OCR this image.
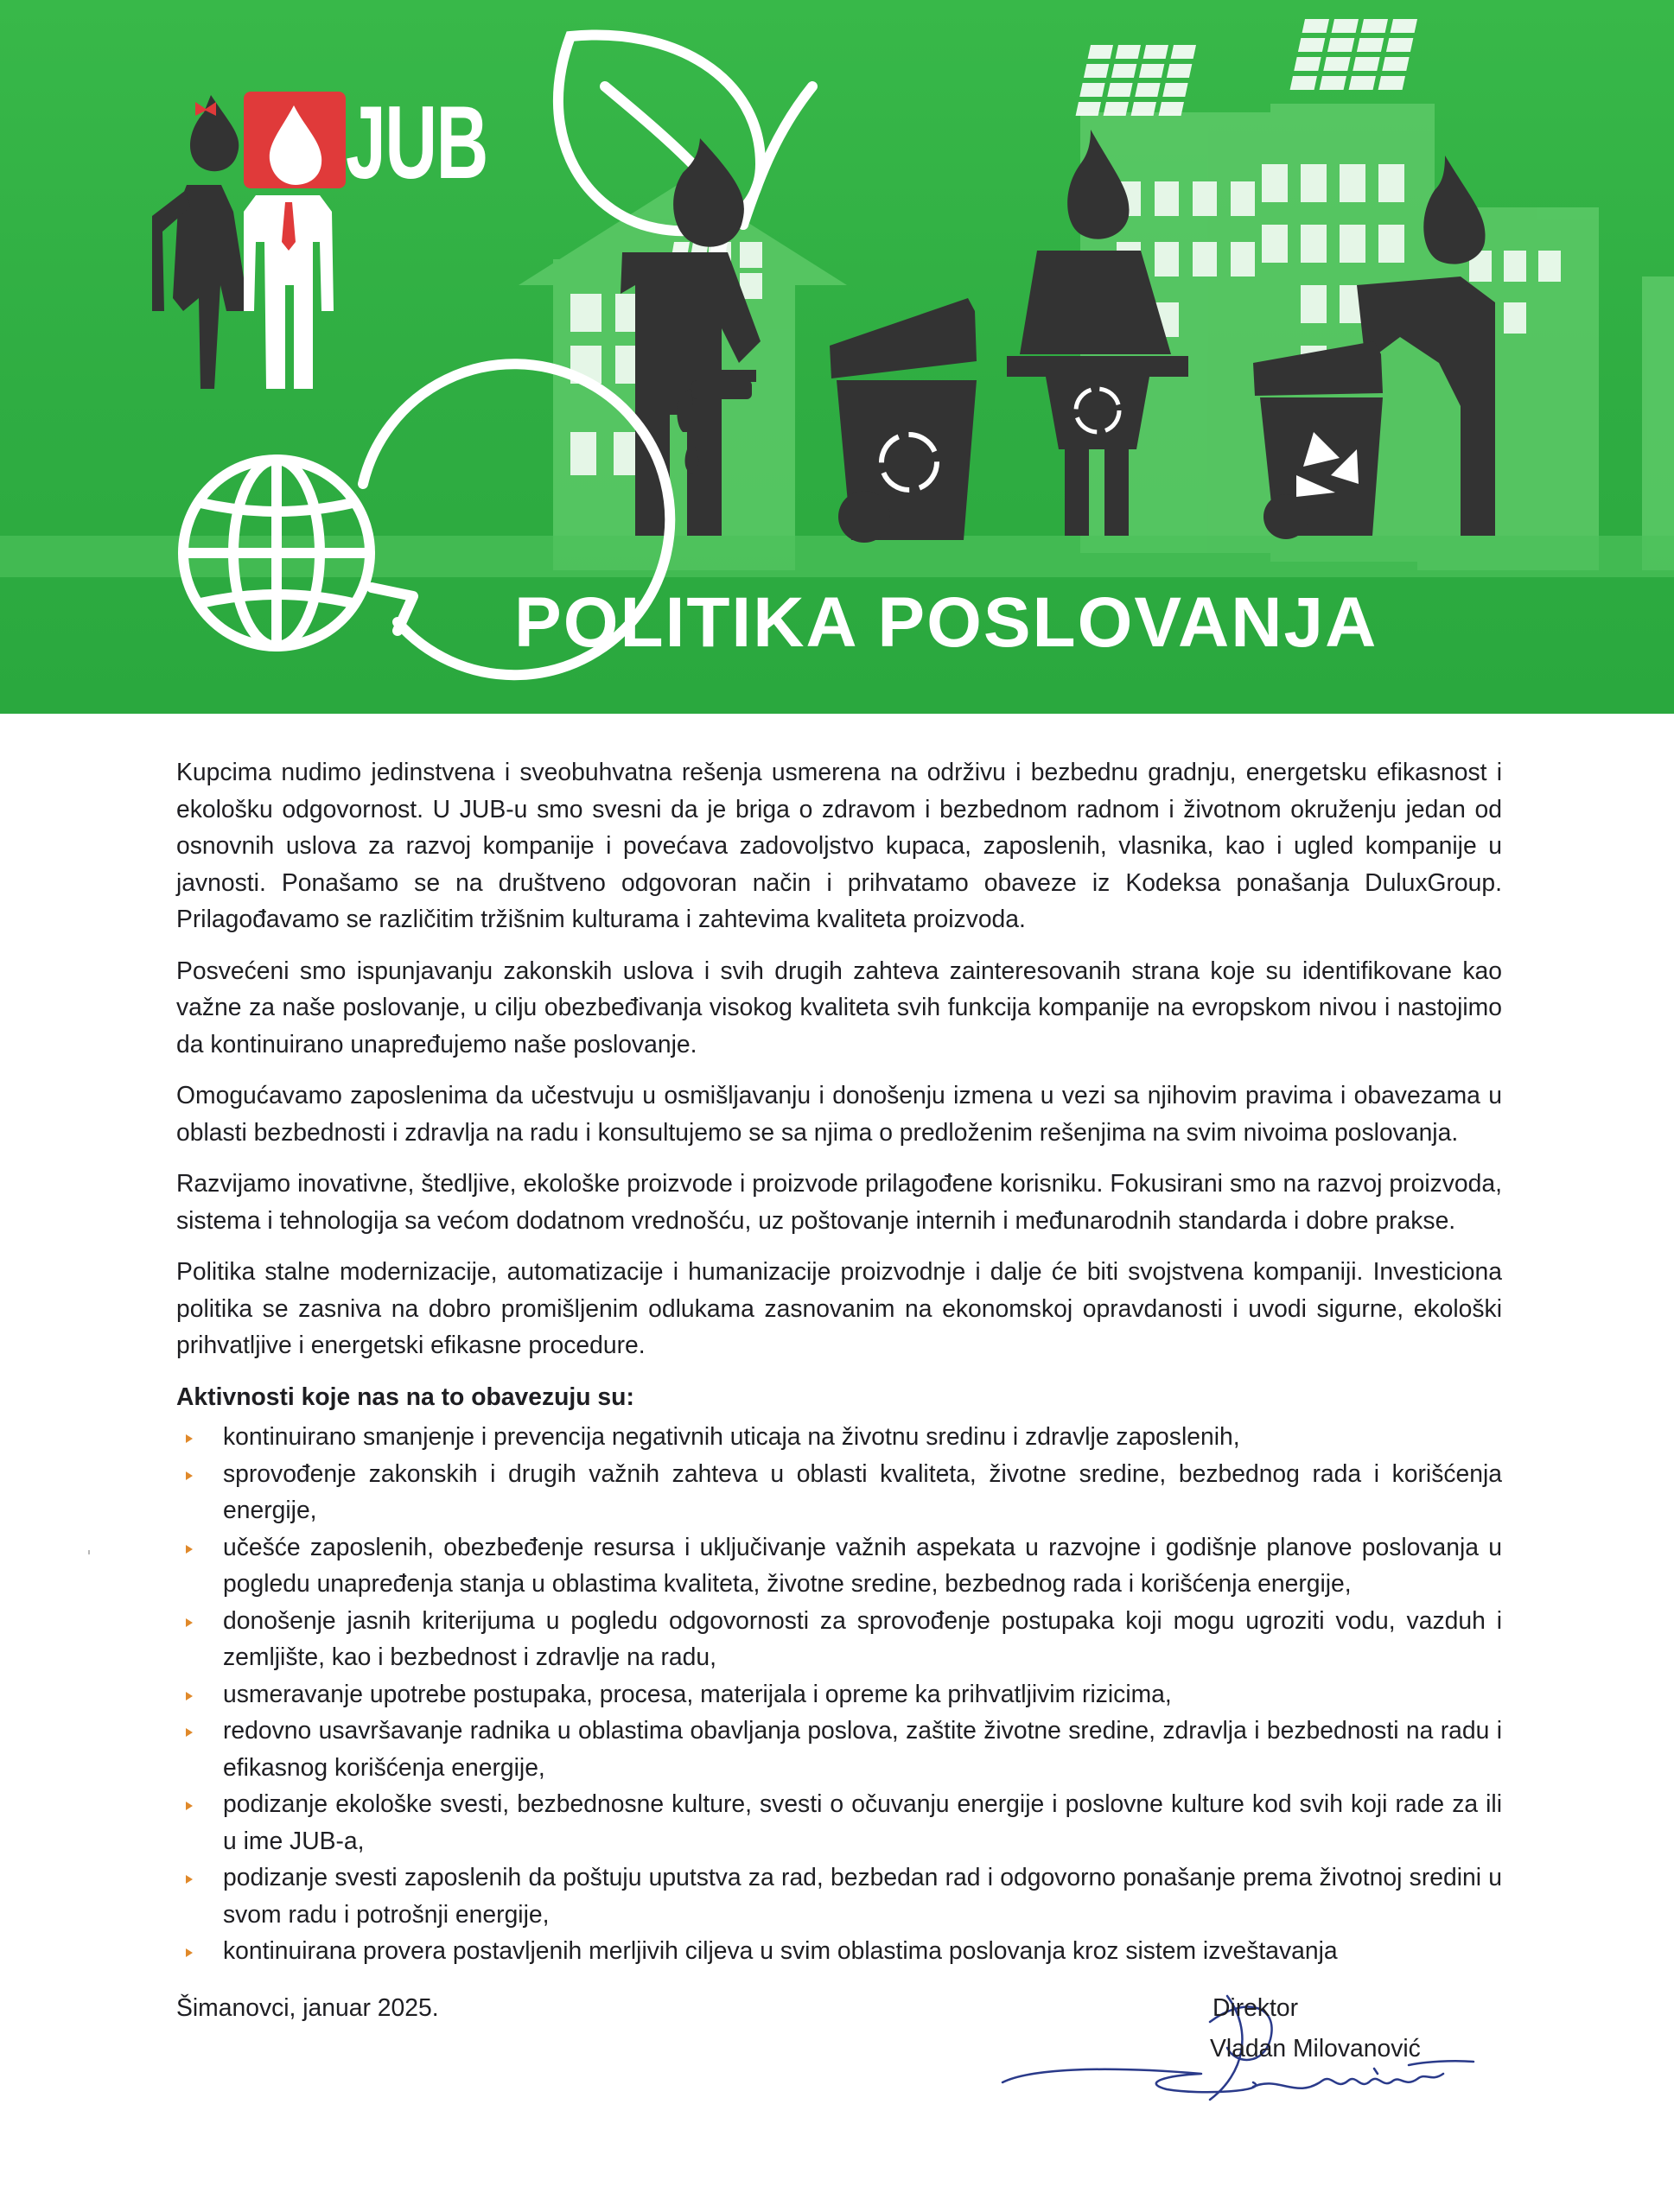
JUB
POLITIKA POSLOVANJA

Kupcima nudimo jedinstvena i sveobuhvatna rešenja usmerena na održivu i bezbednu gradnju, energetsku efikasnost i ekološku odgovornost. U JUB-u smo svesni da je briga o zdravom i bezbednom radnom i životnom okruženju jedan od osnovnih uslova za razvoj kompanije i povećava zadovoljstvo kupaca, zaposlenih, vlasnika, kao i ugled kompanije u javnosti. Ponašamo se na društveno odgovoran način i prihvatamo obaveze iz Kodeksa ponašanja DuluxGroup. Prilagođavamo se različitim tržišnim kulturama i zahtevima kvaliteta proizvoda.

Posvećeni smo ispunjavanju zakonskih uslova i svih drugih zahteva zainteresovanih strana koje su identifikovane kao važne za naše poslovanje, u cilju obezbeđivanja visokog kvaliteta svih funkcija kompanije na evropskom nivou i nastojimo da kontinuirano unapređujemo naše poslovanje.

Omogućavamo zaposlenima da učestvuju u osmišljavanju i donošenju izmena u vezi sa njihovim pravima i obavezama u oblasti bezbednosti i zdravlja na radu i konsultujemo se sa njima o predloženim rešenjima na svim nivoima poslovanja.

Razvijamo inovativne, štedljive, ekološke proizvode i proizvode prilagođene korisniku. Fokusirani smo na razvoj proizvoda, sistema i tehnologija sa većom dodatnom vrednošću, uz poštovanje internih i međunarodnih standarda i dobre prakse.

Politika stalne modernizacije, automatizacije i humanizacije proizvodnje i dalje će biti svojstvena kompaniji. Investiciona politika se zasniva na dobro promišljenim odlukama zasnovanim na ekonomskoj opravdanosti i uvodi sigurne, ekološki prihvatljive i energetski efikasne procedure.

Aktivnosti koje nas na to obavezuju su:
kontinuirano smanjenje i prevencija negativnih uticaja na životnu sredinu i zdravlje zaposlenih,
sprovođenje zakonskih i drugih važnih zahteva u oblasti kvaliteta, životne sredine, bezbednog rada i korišćenja energije,
učešće zaposlenih, obezbeđenje resursa i uključivanje važnih aspekata u razvojne i godišnje planove poslovanja u pogledu unapređenja stanja u oblastima kvaliteta, životne sredine, bezbednog rada i korišćenja energije,
donošenje jasnih kriterijuma u pogledu odgovornosti za sprovođenje postupaka koji mogu ugroziti vodu, vazduh i zemljište, kao i bezbednost i zdravlje na radu,
usmeravanje upotrebe postupaka, procesa, materijala i opreme ka prihvatljivim rizicima,
redovno usavršavanje radnika u oblastima obavljanja poslova, zaštite životne sredine, zdravlja i bezbednosti na radu i efikasnog korišćenja energije,
podizanje ekološke svesti, bezbednosne kulture, svesti o očuvanju energije i poslovne kulture kod svih koji rade za ili u ime JUB-a,
podizanje svesti zaposlenih da poštuju uputstva za rad, bezbedan rad i odgovorno ponašanje prema životnoj sredini u svom radu i potrošnji energije,
kontinuirana provera postavljenih merljivih ciljeva u svim oblastima poslovanja kroz sistem izveštavanja
Šimanovci, januar 2025.	Direktor
Vladan Milovanović
